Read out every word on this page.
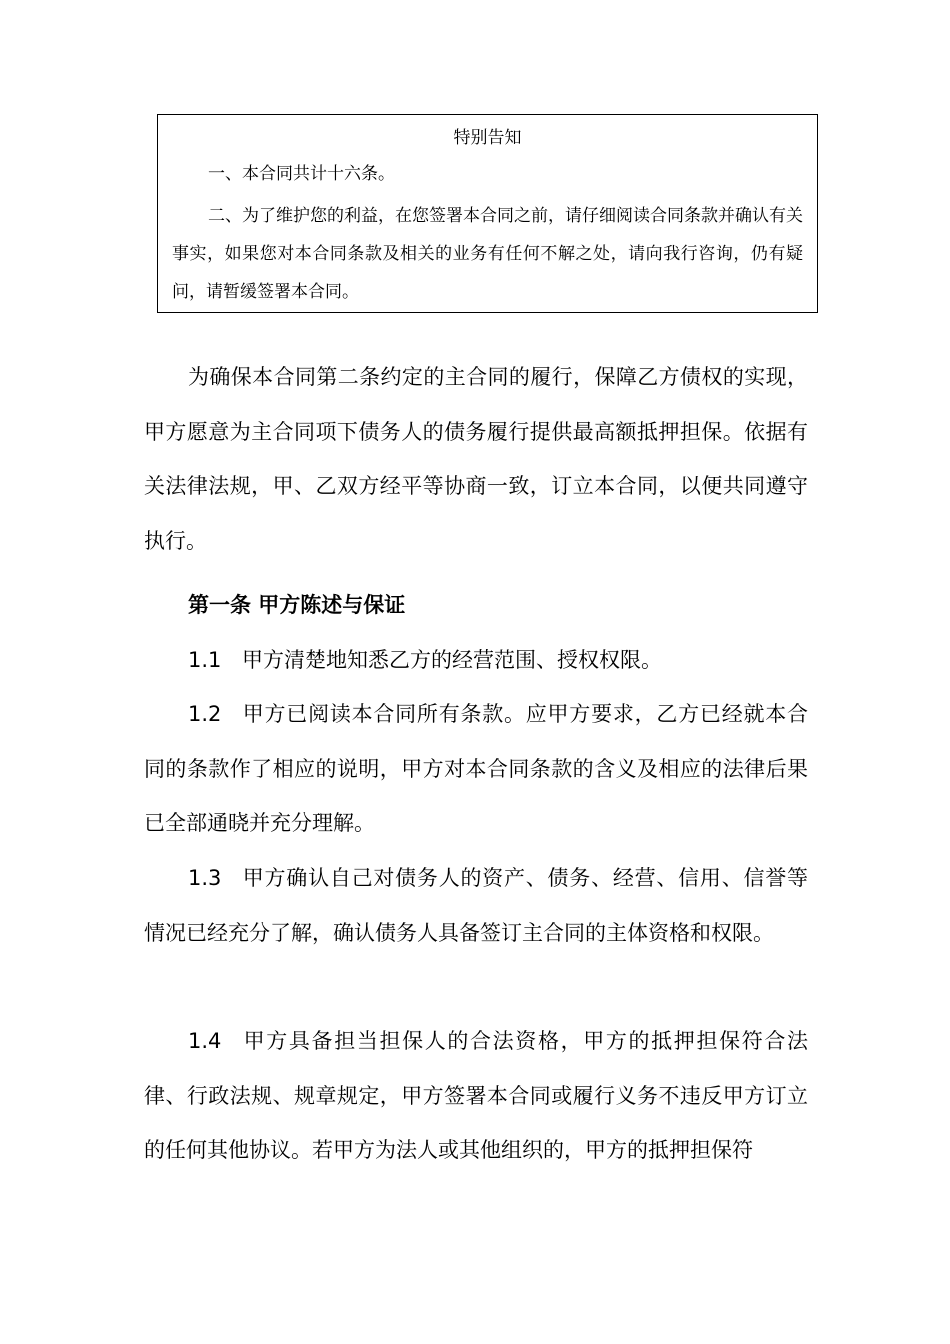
特别告知

一、本合同共计十六条。

二、为了维护您的利益，在您签署本合同之前，请仔细阅读合同条款并确认有关事实，如果您对本合同条款及相关的业务有任何不解之处，请向我行咨询，仍有疑问，请暂缓签署本合同。

为确保本合同第二条约定的主合同的履行，保障乙方债权的实现，甲方愿意为主合同项下债务人的债务履行提供最高额抵押担保。依据有关法律法规，甲、乙双方经平等协商一致，订立本合同，以便共同遵守执行。

第一条 甲方陈述与保证

1.1 甲方清楚地知悉乙方的经营范围、授权权限。

1.2 甲方已阅读本合同所有条款。应甲方要求，乙方已经就本合同的条款作了相应的说明，甲方对本合同条款的含义及相应的法律后果已全部通晓并充分理解。

1.3 甲方确认自己对债务人的资产、债务、经营、信用、信誉等情况已经充分了解，确认债务人具备签订主合同的主体资格和权限。

1.4 甲方具备担当担保人的合法资格，甲方的抵押担保符合法律、行政法规、规章规定，甲方签署本合同或履行义务不违反甲方订立的任何其他协议。若甲方为法人或其他组织的，甲方的抵押担保符
